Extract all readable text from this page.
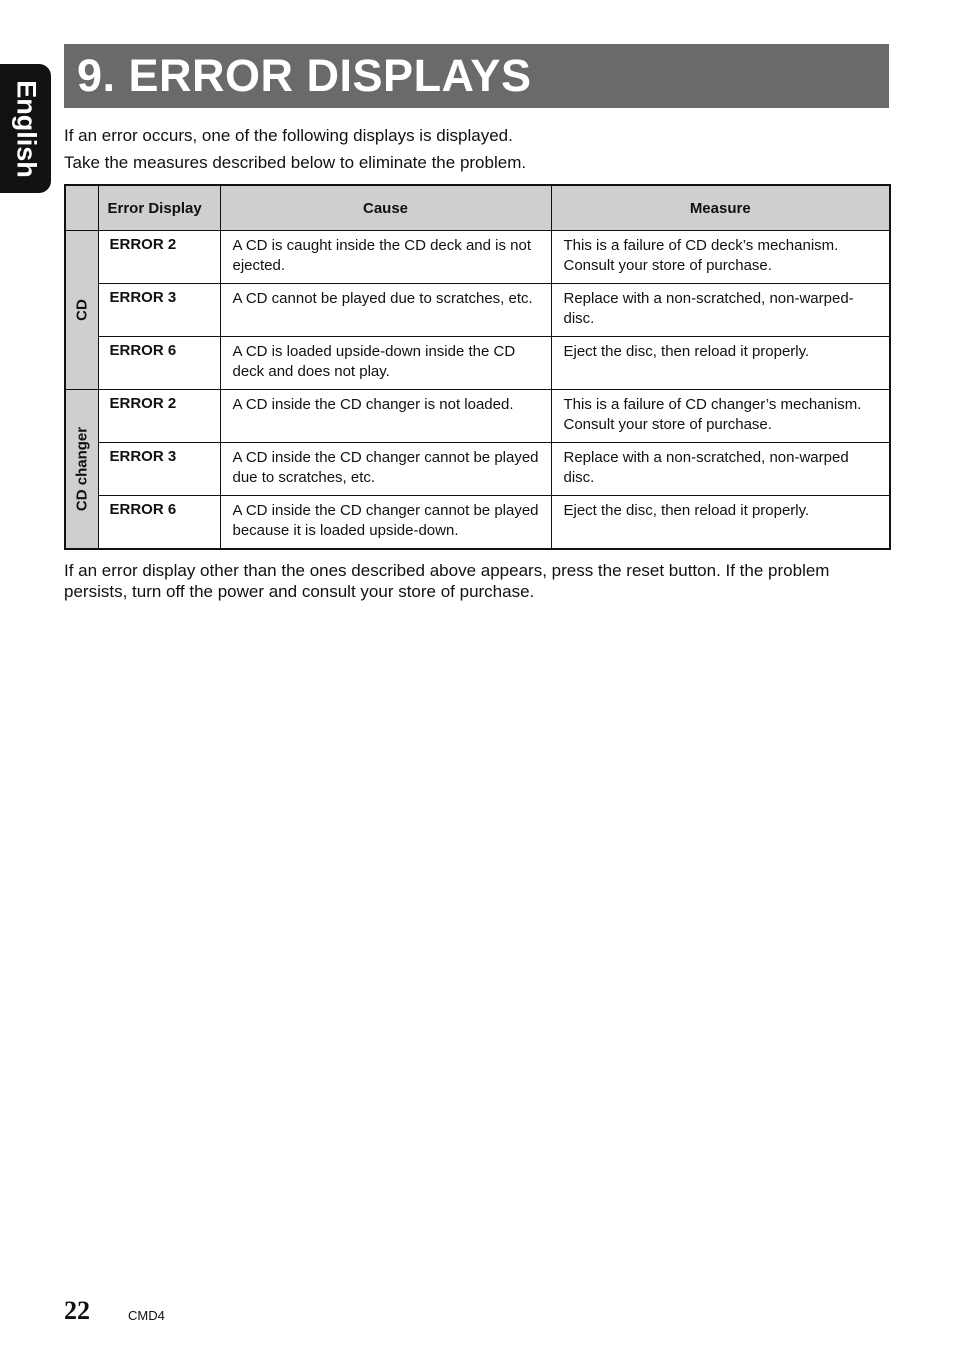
English
9. ERROR DISPLAYS

If an error occurs, one of the following displays is displayed.

Take the measures described below to eliminate the problem.

	Error Display	Cause	Measure

CD	ERROR 2	A CD is caught inside the CD deck and is not ejected.	This is a failure of CD deck’s mechanism. Consult your store of purchase.
	ERROR 3	A CD cannot be played due to scratches, etc.	Replace with a non-scratched, non-warped-disc.
	ERROR 6	A CD is loaded upside-down inside the CD deck and does not play.	Eject the disc, then reload it properly.

CD changer	ERROR 2	A CD inside the CD changer is not loaded.	This is a failure of CD changer’s mechanism. Consult your store of purchase.
	ERROR 3	A CD inside the CD changer cannot be played due to scratches, etc.	Replace with a non-scratched, non-warped disc.
	ERROR 6	A CD inside the CD changer cannot be played because it is loaded upside-down.	Eject the disc, then reload it properly.

If an error display other than the ones described above appears, press the reset button. If the problem persists, turn off the power and consult your store of purchase.

22	CMD4
